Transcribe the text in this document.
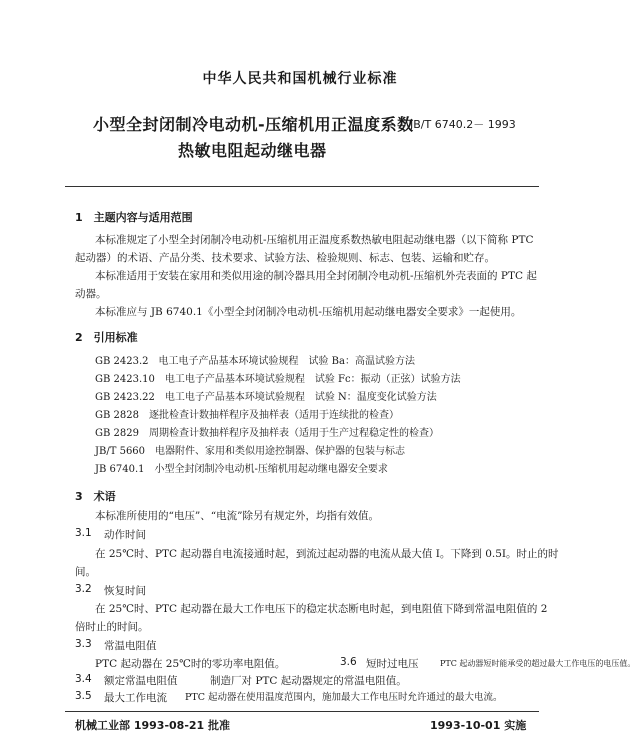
中华人民共和国机械行业标准
小型全封闭制冷电动机-压缩机用正温度系数
JB/T 6740.2－ 1993
热敏电阻起动继电器
1　主题内容与适用范围
本标准规定了小型全封闭制冷电动机-压缩机用正温度系数热敏电阻起动继电器（以下简称 PTC
起动器）的术语、产品分类、技术要求、试验方法、检验规则、标志、包装、运输和贮存。
本标准适用于安装在家用和类似用途的制冷器具用全封闭制冷电动机-压缩机外壳表面的 PTC 起
动器。
本标准应与 JB 6740.1《小型全封闭制冷电动机-压缩机用起动继电器安全要求》一起使用。
2　引用标准
GB 2423.2　电工电子产品基本环境试验规程　试验 Ba：高温试验方法
GB 2423.10　电工电子产品基本环境试验规程　试验 Fc：振动（正弦）试验方法
GB 2423.22　电工电子产品基本环境试验规程　试验 N：温度变化试验方法
GB 2828　逐批检查计数抽样程序及抽样表（适用于连续批的检查）
GB 2829　周期检查计数抽样程序及抽样表（适用于生产过程稳定性的检查）
JB/T 5660　电器附件、家用和类似用途控制器、保护器的包装与标志
JB 6740.1　小型全封闭制冷电动机-压缩机用起动继电器安全要求
3　术语
本标准所使用的“电压”、“电流”除另有规定外，均指有效值。
3.1 动作时间
在 25℃时、PTC 起动器自电流接通时起，到流过起动器的电流从最大值 I。下降到 0.5I。时止的时
间。
3.2 恢复时间
在 25℃时、PTC 起动器在最大工作电压下的稳定状态断电时起，到电阻值下降到常温电阻值的 2
倍时止的时间。
3.3 常温电阻值
PTC 起动器在 25℃时的零功率电阻值。
3.4 额定常温电阻值	制造厂对 PTC 起动器规定的常温电阻值。
3.5 最大工作电流 PTC 起动器在使用温度范围内，施加最大工作电压时允许通过的最大电流。
3.6 短时过电压	PTC 起动器短时能承受的超过最大工作电压的电压值。
机械工业部 1993-08-21 批准	1993-10-01 实施
